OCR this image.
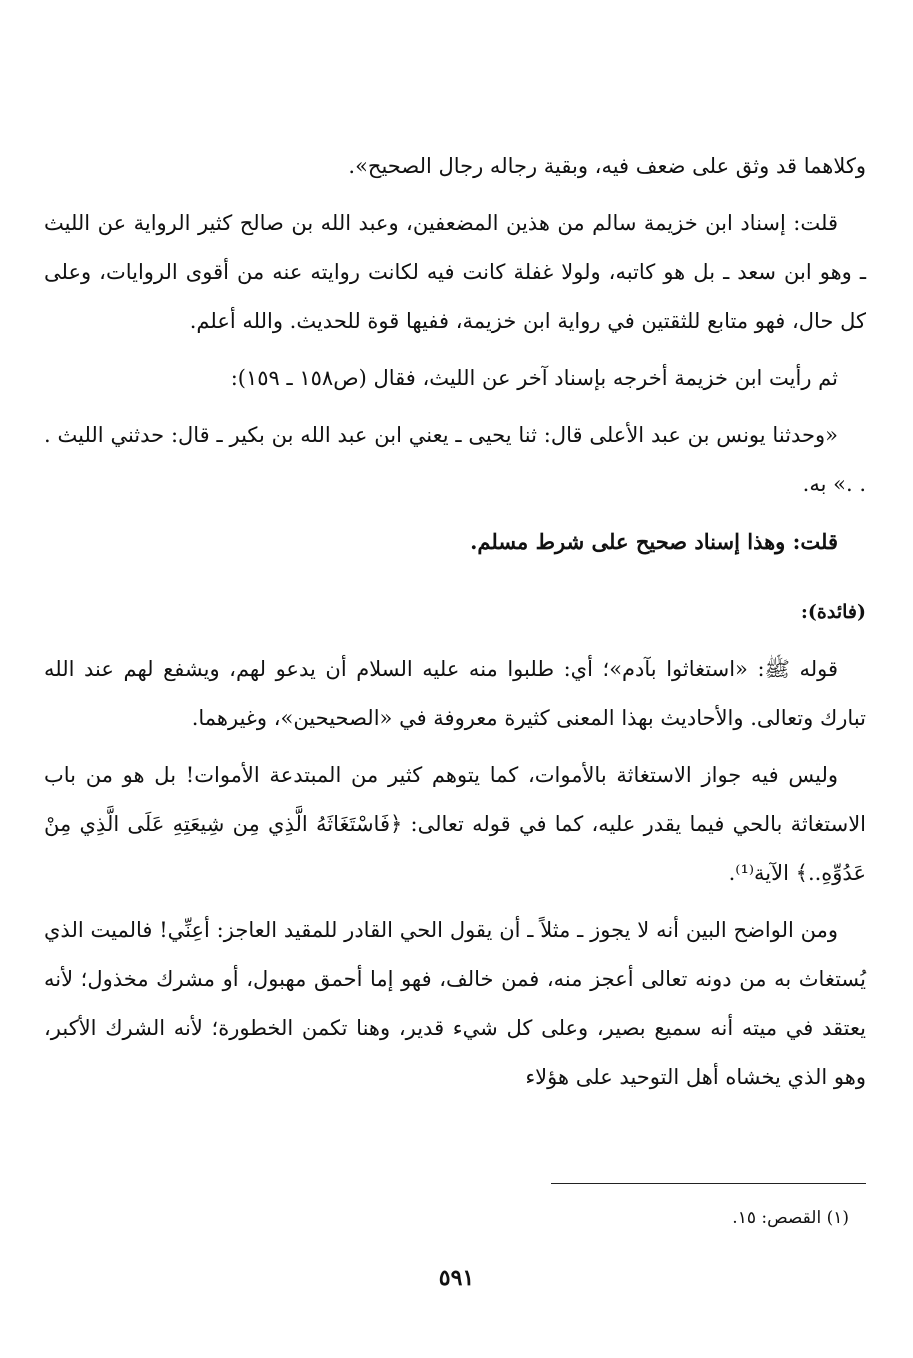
وكلاهما قد وثق على ضعف فيه، وبقية رجاله رجال الصحيح».

قلت: إسناد ابن خزيمة سالم من هذين المضعفين، وعبد الله بن صالح كثير الرواية عن الليث ـ وهو ابن سعد ـ بل هو كاتبه، ولولا غفلة كانت فيه لكانت روايته عنه من أقوى الروايات، وعلى كل حال، فهو متابع للثقتين في رواية ابن خزيمة، ففيها قوة للحديث. والله أعلم.

ثم رأيت ابن خزيمة أخرجه بإسناد آخر عن الليث، فقال (ص١٥٨ ـ ١٥٩):

«وحدثنا يونس بن عبد الأعلى قال: ثنا يحيى ـ يعني ابن عبد الله بن بكير ـ قال: حدثني الليث . . .» به.

قلت: وهذا إسناد صحيح على شرط مسلم.

(فائدة):

قوله ﷺ: «استغاثوا بآدم»؛ أي: طلبوا منه عليه السلام أن يدعو لهم، ويشفع لهم عند الله تبارك وتعالى. والأحاديث بهذا المعنى كثيرة معروفة في «الصحيحين»، وغيرهما.

وليس فيه جواز الاستغاثة بالأموات، كما يتوهم كثير من المبتدعة الأموات! بل هو من باب الاستغاثة بالحي فيما يقدر عليه، كما في قوله تعالى: ﴿فَاسْتَغَاثَهُ الَّذِي مِن شِيعَتِهِ عَلَى الَّذِي مِنْ عَدُوِّهِ..﴾ الآية⁽¹⁾.

ومن الواضح البين أنه لا يجوز ـ مثلاً ـ أن يقول الحي القادر للمقيد العاجز: أعِنِّي! فالميت الذي يُستغاث به من دونه تعالى أعجز منه، فمن خالف، فهو إما أحمق مهبول، أو مشرك مخذول؛ لأنه يعتقد في ميته أنه سميع بصير، وعلى كل شيء قدير، وهنا تكمن الخطورة؛ لأنه الشرك الأكبر، وهو الذي يخشاه أهل التوحيد على هؤلاء

(١) القصص: ١٥.
٥٩١
